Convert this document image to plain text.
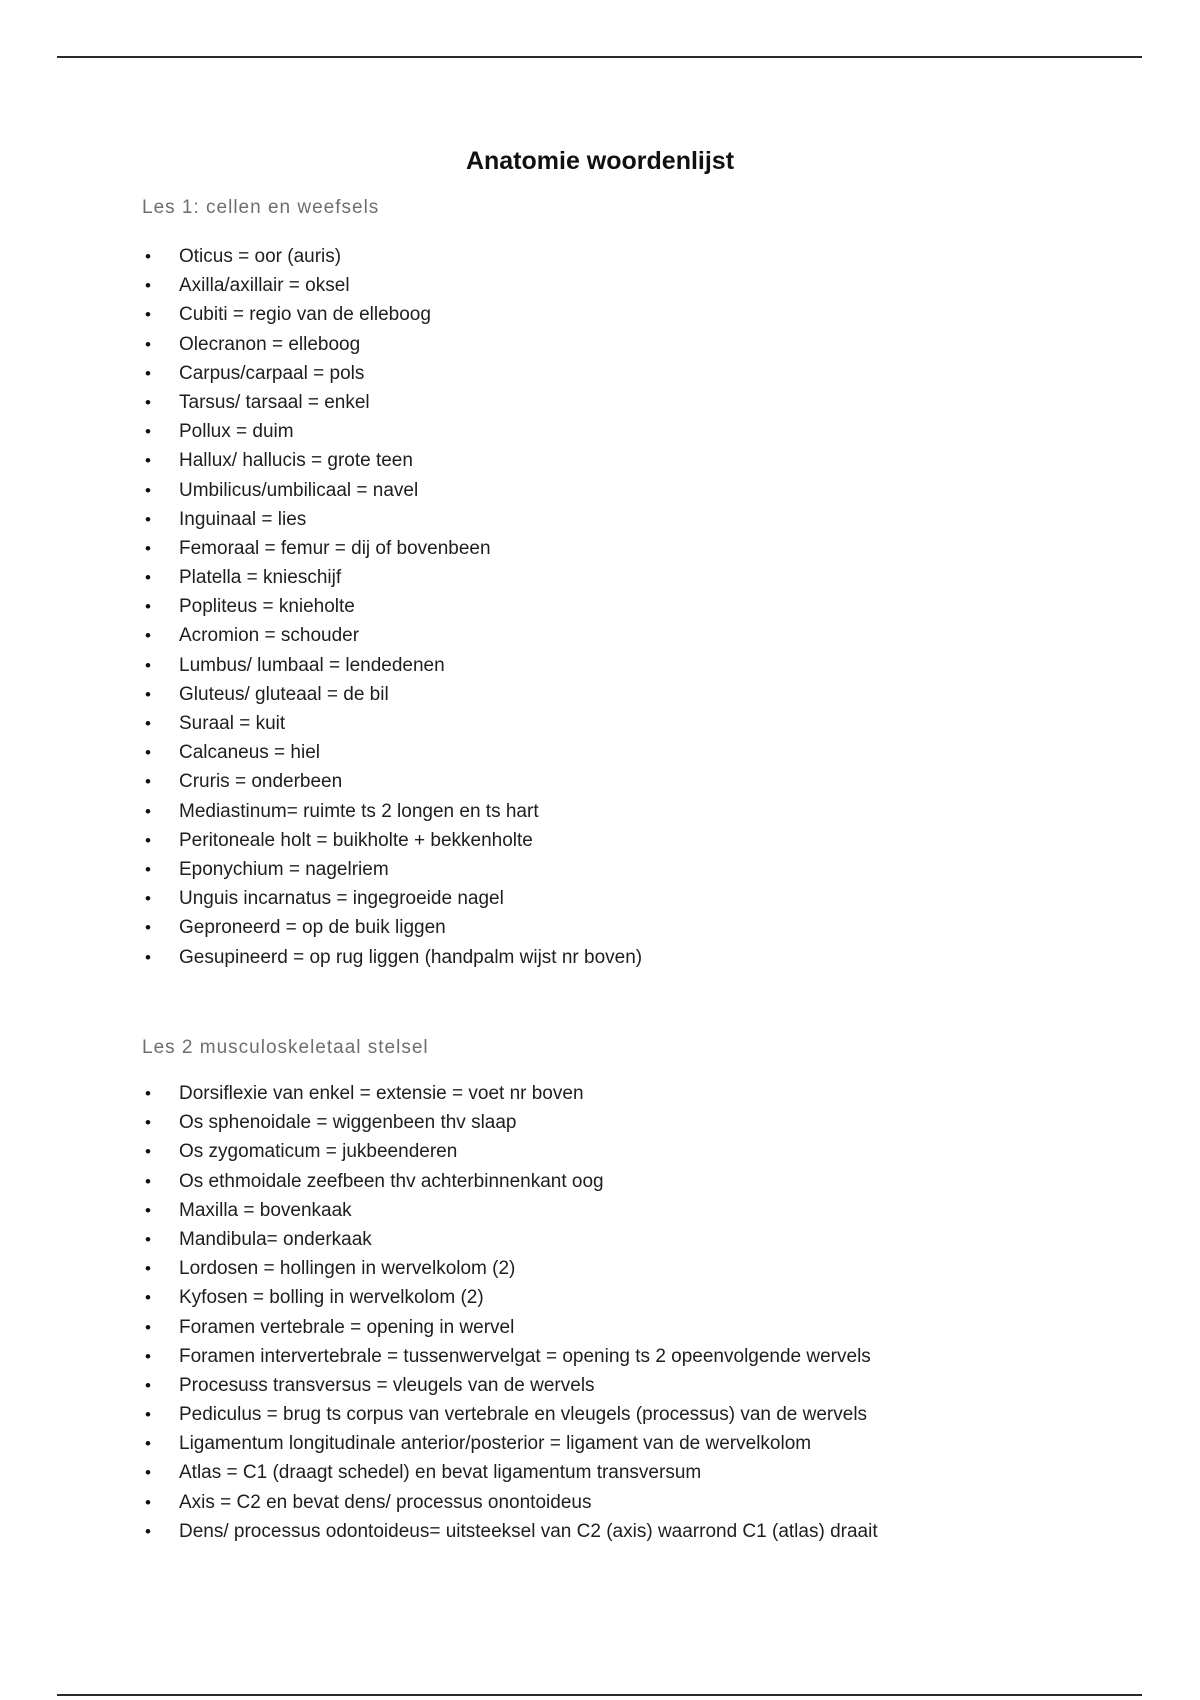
Anatomie woordenlijst
Les 1: cellen en weefsels
• Oticus = oor (auris)
• Axilla/axillair = oksel
• Cubiti = regio van de elleboog
• Olecranon = elleboog
• Carpus/carpaal = pols
• Tarsus/ tarsaal = enkel
• Pollux = duim
• Hallux/ hallucis = grote teen
• Umbilicus/umbilicaal = navel
• Inguinaal = lies
• Femoraal = femur = dij of bovenbeen
• Platella = knieschijf
• Popliteus = knieholte
• Acromion = schouder
• Lumbus/ lumbaal = lendedenen
• Gluteus/ gluteaal = de bil
• Suraal = kuit
• Calcaneus = hiel
• Cruris = onderbeen
• Mediastinum= ruimte ts 2 longen en ts hart
• Peritoneale holt = buikholte + bekkenholte
• Eponychium = nagelriem
• Unguis incarnatus = ingegroeide nagel
• Geproneerd = op de buik liggen
• Gesupineerd = op rug liggen (handpalm wijst nr boven)
Les 2 musculoskeletaal stelsel
• Dorsiflexie van enkel = extensie = voet nr boven
• Os sphenoidale = wiggenbeen thv slaap
• Os zygomaticum = jukbeenderen
• Os ethmoidale zeefbeen thv achterbinnenkant oog
• Maxilla = bovenkaak
• Mandibula= onderkaak
• Lordosen = hollingen in wervelkolom (2)
• Kyfosen = bolling in wervelkolom (2)
• Foramen vertebrale = opening in wervel
• Foramen intervertebrale = tussenwervelgat = opening ts 2 opeenvolgende wervels
• Procesuss transversus = vleugels van de wervels
• Pediculus = brug ts corpus van vertebrale en vleugels (processus) van de wervels
• Ligamentum longitudinale anterior/posterior = ligament van de wervelkolom
• Atlas = C1 (draagt schedel) en bevat ligamentum transversum
• Axis = C2 en bevat dens/ processus onontoideus
• Dens/ processus odontoideus= uitsteeksel van C2 (axis) waarrond C1 (atlas) draait
